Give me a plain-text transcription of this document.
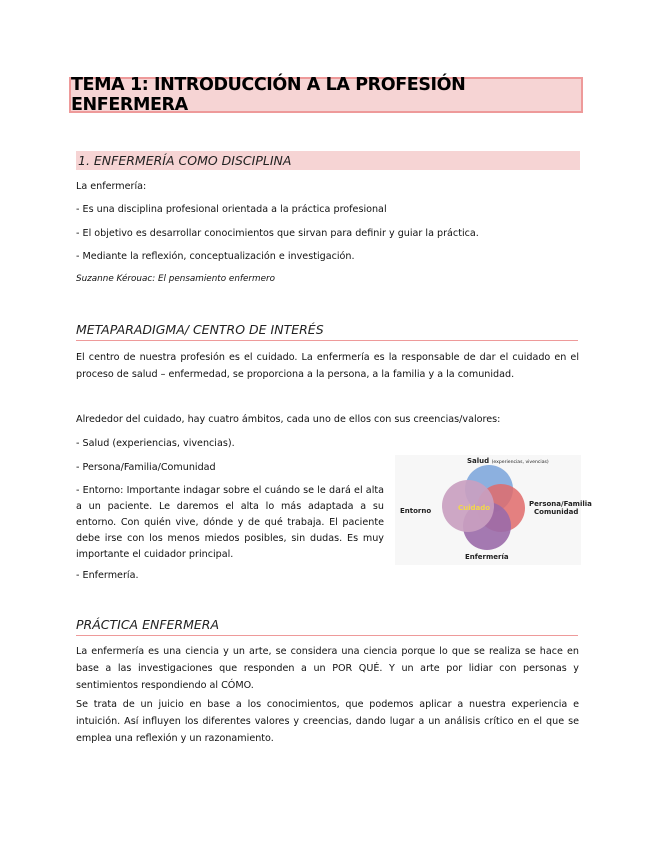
TEMA 1: INTRODUCCIÓN A LA PROFESIÓN ENFERMERA
1. ENFERMERÍA COMO DISCIPLINA

La enfermería:

- Es una disciplina profesional orientada a la práctica profesional

- El objetivo es desarrollar conocimientos que sirvan para definir y guiar la práctica.

- Mediante la reflexión, conceptualización e investigación.

Suzanne Kérouac: El pensamiento enfermero

METAPARADIGMA/ CENTRO DE INTERÉS

El centro de nuestra profesión es el cuidado. La enfermería es la responsable de dar el cuidado en el proceso de salud – enfermedad, se proporciona a la persona, a la familia y a la comunidad.

Alrededor del cuidado, hay cuatro ámbitos, cada uno de ellos con sus creencias/valores:

- Salud (experiencias, vivencias).

- Persona/Familia/Comunidad

- Entorno: Importante indagar sobre el cuándo se le dará el alta a un paciente. Le daremos el alta lo más adaptada a su entorno. Con quién vive, dónde y de qué trabaja. El paciente debe irse con los menos miedos posibles, sin dudas. Es muy importante el cuidador principal.

- Enfermería.

Salud (experiencias, vivencias)
Persona/Familia
Comunidad
Entorno
Enfermería
Cuidado
PRÁCTICA ENFERMERA

La enfermería es una ciencia y un arte, se considera una ciencia porque lo que se realiza se hace en base a las investigaciones que responden a un POR QUÉ. Y un arte por lidiar con personas y sentimientos respondiendo al CÓMO.

Se trata de un juicio en base a los conocimientos, que podemos aplicar a nuestra experiencia e intuición. Así influyen los diferentes valores y creencias, dando lugar a un análisis crítico en el que se emplea una reflexión y un razonamiento.
